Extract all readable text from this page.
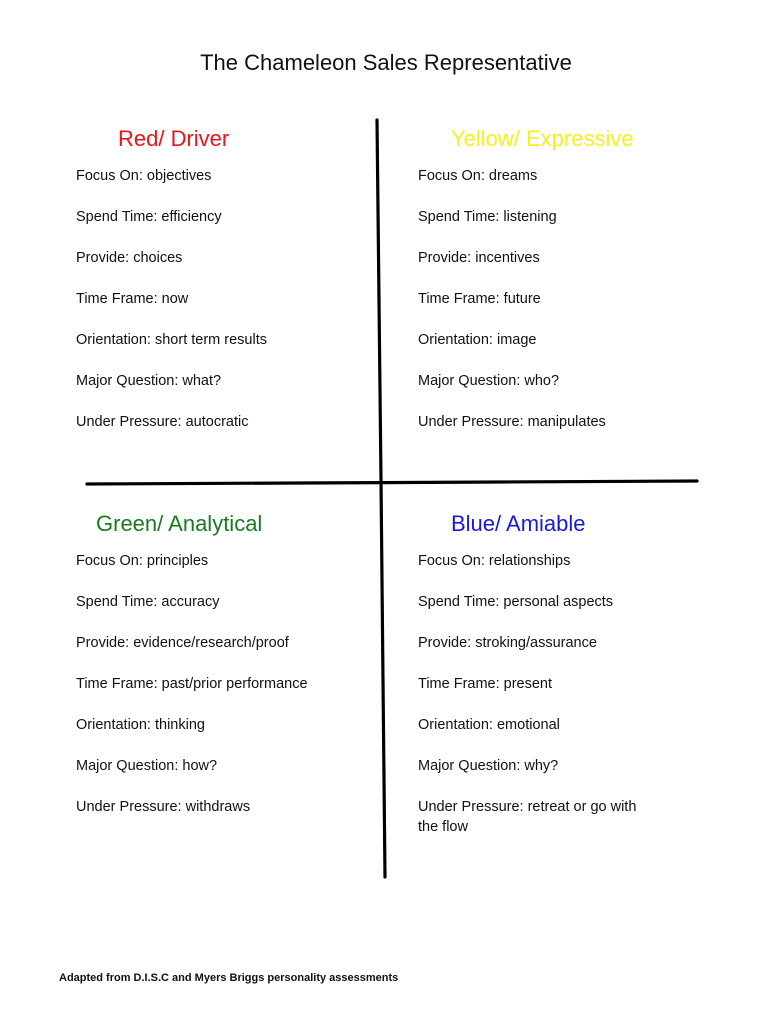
The Chameleon Sales Representative
Red/ Driver
Focus On: objectives
Spend Time: efficiency
Provide: choices
Time Frame: now
Orientation: short term results
Major Question: what?
Under Pressure: autocratic
Yellow/ Expressive
Focus On: dreams
Spend Time: listening
Provide: incentives
Time Frame: future
Orientation: image
Major Question: who?
Under Pressure: manipulates
Green/ Analytical
Focus On: principles
Spend Time: accuracy
Provide: evidence/research/proof
Time Frame: past/prior performance
Orientation: thinking
Major Question: how?
Under Pressure: withdraws
Blue/ Amiable
Focus On: relationships
Spend Time: personal aspects
Provide: stroking/assurance
Time Frame: present
Orientation: emotional
Major Question: why?
Under Pressure: retreat or go with the flow
Adapted from D.I.S.C and Myers Briggs personality assessments
